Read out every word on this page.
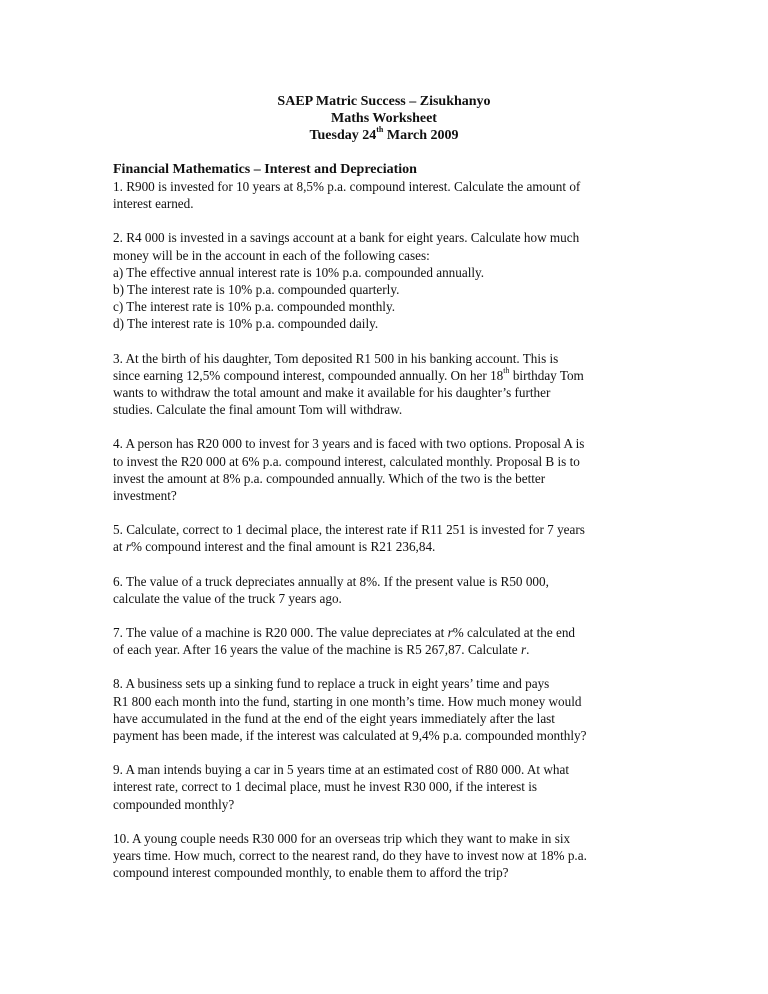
SAEP Matric Success – Zisukhanyo
Maths Worksheet
Tuesday 24th March 2009
Financial Mathematics – Interest and Depreciation

1. R900 is invested for 10 years at 8,5% p.a. compound interest. Calculate the amount of
interest earned.

2. R4 000 is invested in a savings account at a bank for eight years. Calculate how much
money will be in the account in each of the following cases:
a) The effective annual interest rate is 10% p.a. compounded annually.
b) The interest rate is 10% p.a. compounded quarterly.
c) The interest rate is 10% p.a. compounded monthly.
d) The interest rate is 10% p.a. compounded daily.

3. At the birth of his daughter, Tom deposited R1 500 in his banking account. This is
since earning 12,5% compound interest, compounded annually. On her 18th birthday Tom
wants to withdraw the total amount and make it available for his daughter’s further
studies. Calculate the final amount Tom will withdraw.

4. A person has R20 000 to invest for 3 years and is faced with two options. Proposal A is
to invest the R20 000 at 6% p.a. compound interest, calculated monthly. Proposal B is to
invest the amount at 8% p.a. compounded annually. Which of the two is the better
investment?

5. Calculate, correct to 1 decimal place, the interest rate if R11 251 is invested for 7 years
at r% compound interest and the final amount is R21 236,84.

6. The value of a truck depreciates annually at 8%. If the present value is R50 000,
calculate the value of the truck 7 years ago.

7. The value of a machine is R20 000. The value depreciates at r% calculated at the end
of each year. After 16 years the value of the machine is R5 267,87. Calculate r.

8. A business sets up a sinking fund to replace a truck in eight years’ time and pays
R1 800 each month into the fund, starting in one month’s time. How much money would
have accumulated in the fund at the end of the eight years immediately after the last
payment has been made, if the interest was calculated at 9,4% p.a. compounded monthly?

9. A man intends buying a car in 5 years time at an estimated cost of R80 000. At what
interest rate, correct to 1 decimal place, must he invest R30 000, if the interest is
compounded monthly?

10. A young couple needs R30 000 for an overseas trip which they want to make in six
years time. How much, correct to the nearest rand, do they have to invest now at 18% p.a.
compound interest compounded monthly, to enable them to afford the trip?
